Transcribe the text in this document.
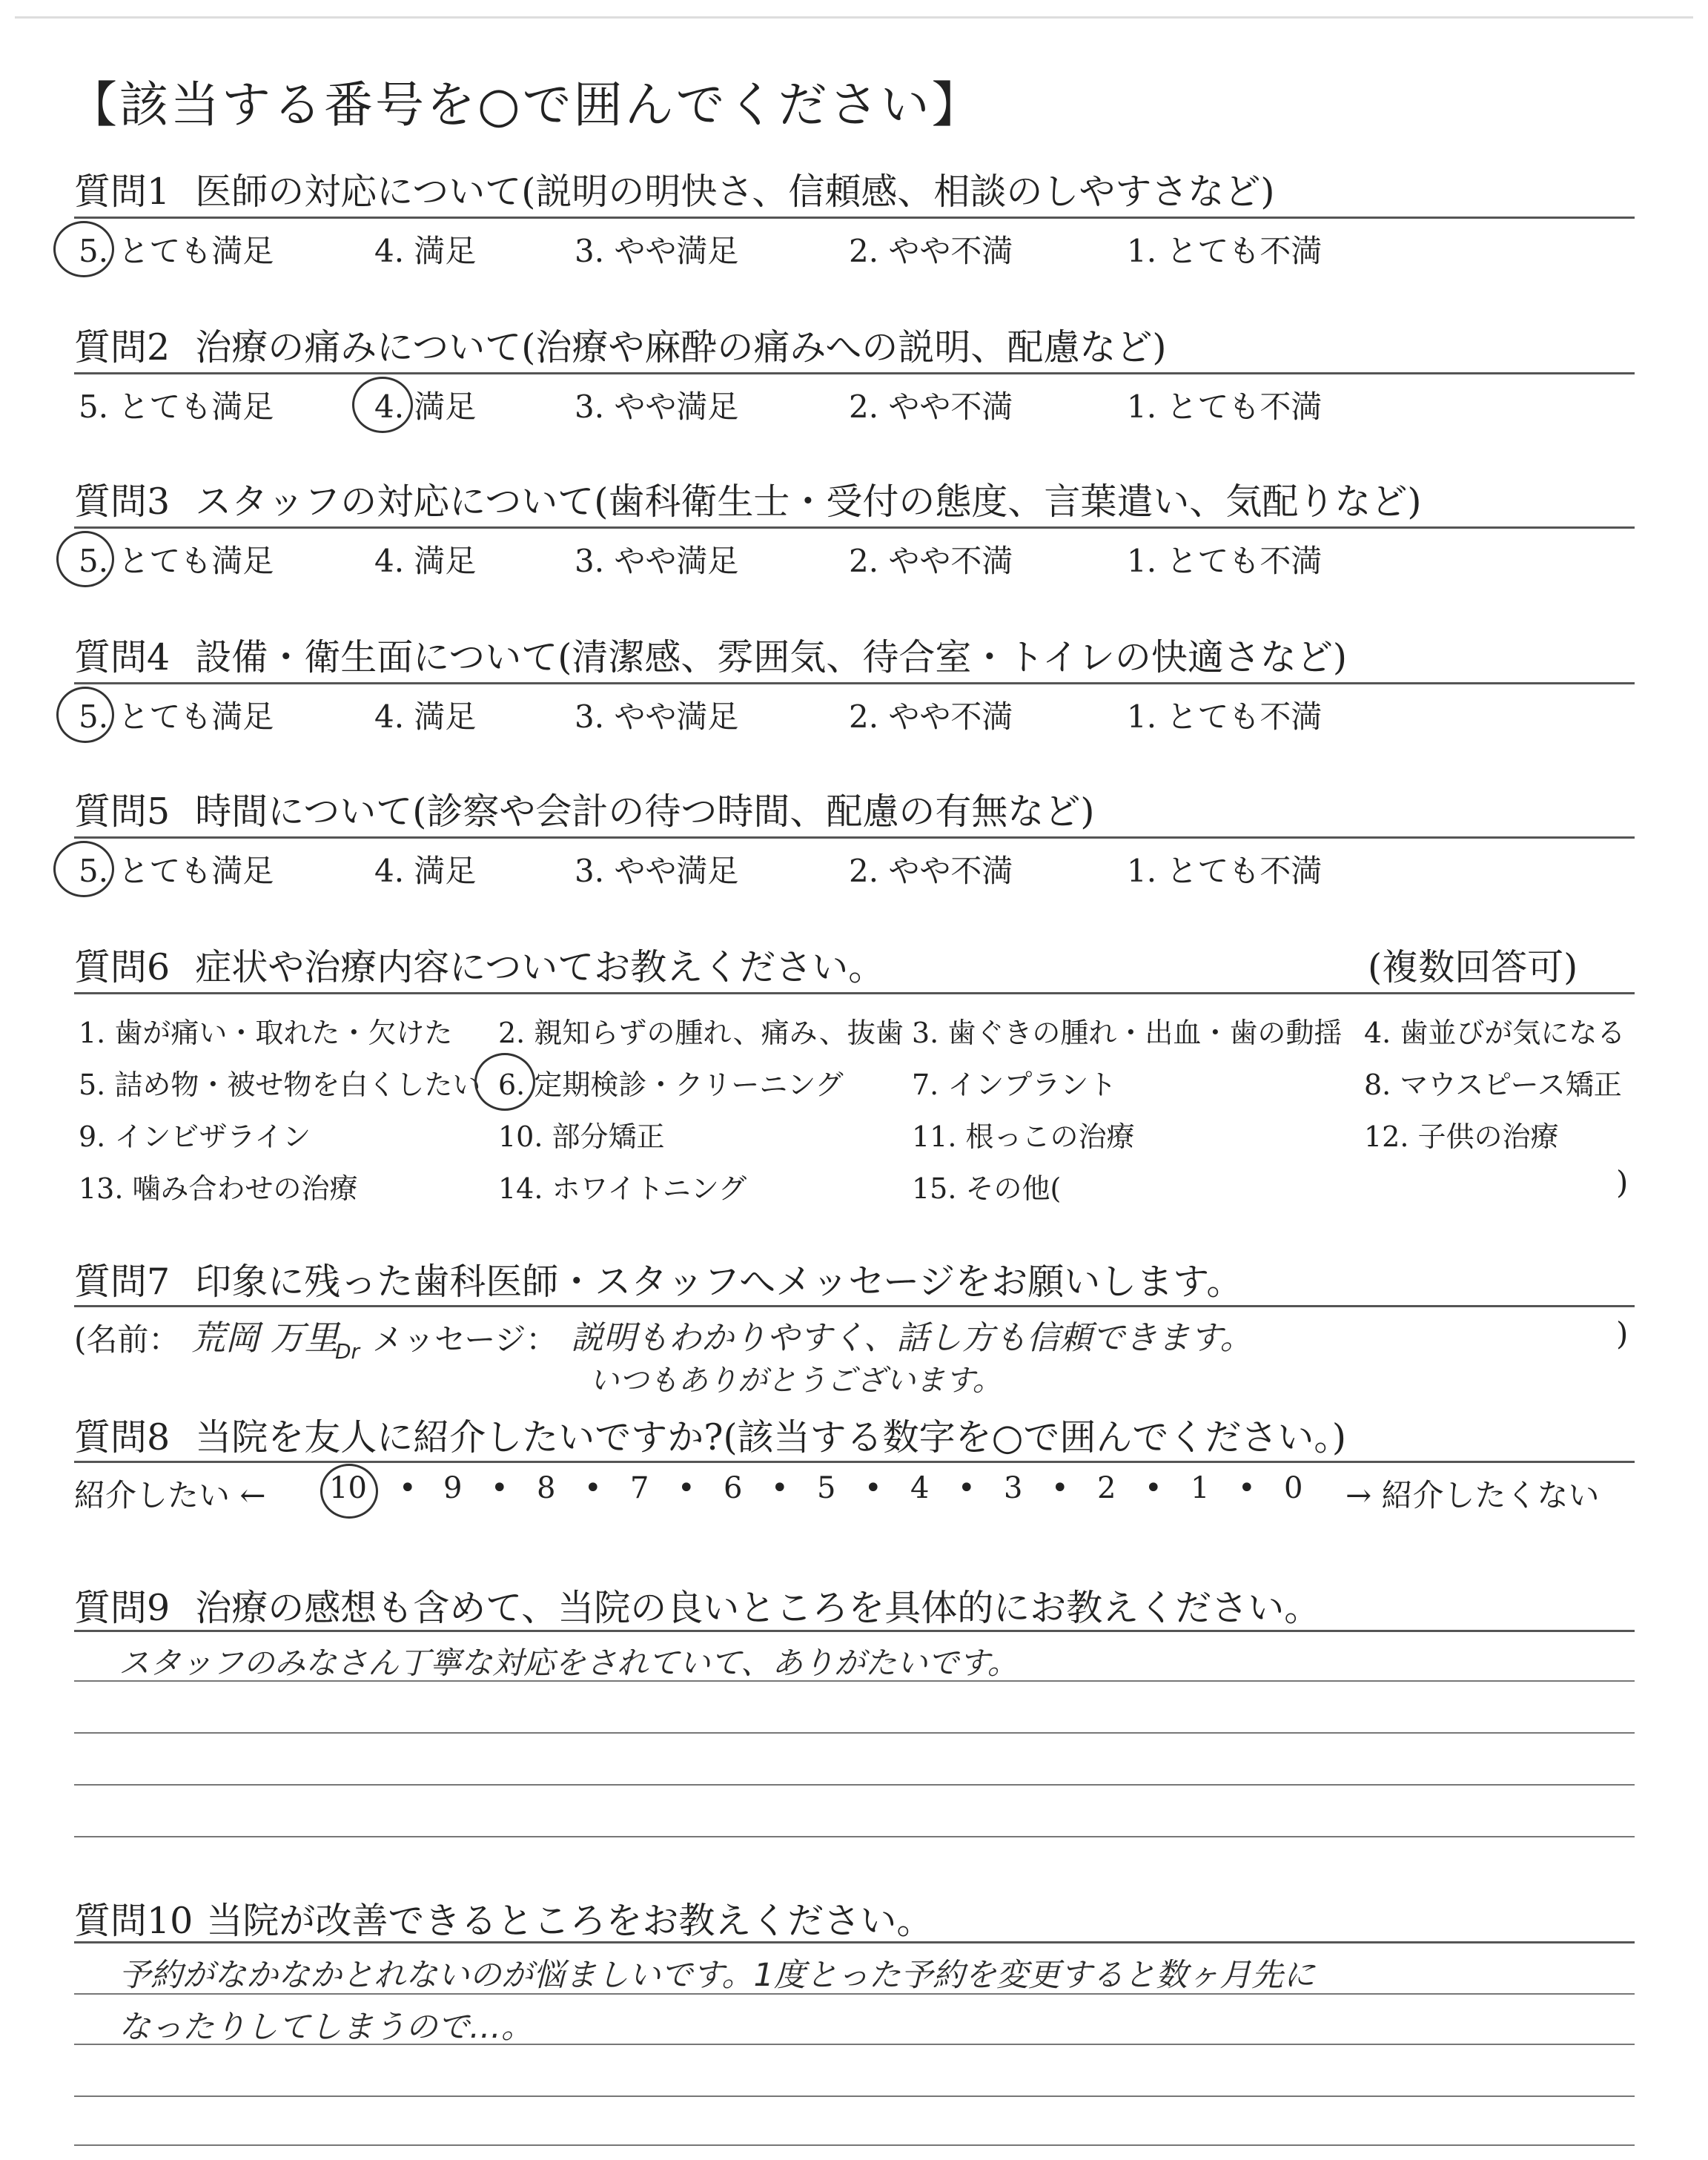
【該当する番号を○で囲んでください】
質問1 医師の対応について(説明の明快さ、信頼感、相談のしやすさなど)
5. とても満足	4. 満足	3. やや満足	2. やや不満	1. とても不満
質問2 治療の痛みについて(治療や麻酔の痛みへの説明、配慮など)
5. とても満足	4. 満足	3. やや満足	2. やや不満	1. とても不満
質問3 スタッフの対応について(歯科衛生士・受付の態度、言葉遣い、気配りなど)
5. とても満足	4. 満足	3. やや満足	2. やや不満	1. とても不満
質問4 設備・衛生面について(清潔感、雰囲気、待合室・トイレの快適さなど)
5. とても満足	4. 満足	3. やや満足	2. やや不満	1. とても不満
質問5 時間について(診察や会計の待つ時間、配慮の有無など)
5. とても満足	4. 満足	3. やや満足	2. やや不満	1. とても不満
質問6 症状や治療内容についてお教えください。	(複数回答可)
1. 歯が痛い・取れた・欠けた 2. 親知らずの腫れ、痛み、抜歯 3. 歯ぐきの腫れ・出血・歯の動揺 4. 歯並びが気になる
5. 詰め物・被せ物を白くしたい 6. 定期検診・クリーニング 7. インプラント	8. マウスピース矯正
9. インビザライン	10. 部分矯正	11. 根っこの治療	12. 子供の治療
13. 噛み合わせの治療	14. ホワイトニング	15. その他(	)
質問7 印象に残った歯科医師・スタッフへメッセージをお願いします。
(名前： 荒岡 万里
Dr メッセージ： 説明もわかりやすく、話し方も信頼できます。
いつもありがとうございます。
)
質問8 当院を友人に紹介したいですか?(該当する数字を○で囲んでください。)
紹介したい ← 10	9	8	7	6	5	4	3	2	1	0
•	•	•	•	•	•	•	•	•	•	→ 紹介したくない
質問9 治療の感想も含めて、当院の良いところを具体的にお教えください。
スタッフのみなさん丁寧な対応をされていて、ありがたいです。
質問10 当院が改善できるところをお教えください。
予約がなかなかとれないのが悩ましいです。1度とった予約を変更すると数ヶ月先に
なったりしてしまうので…。
